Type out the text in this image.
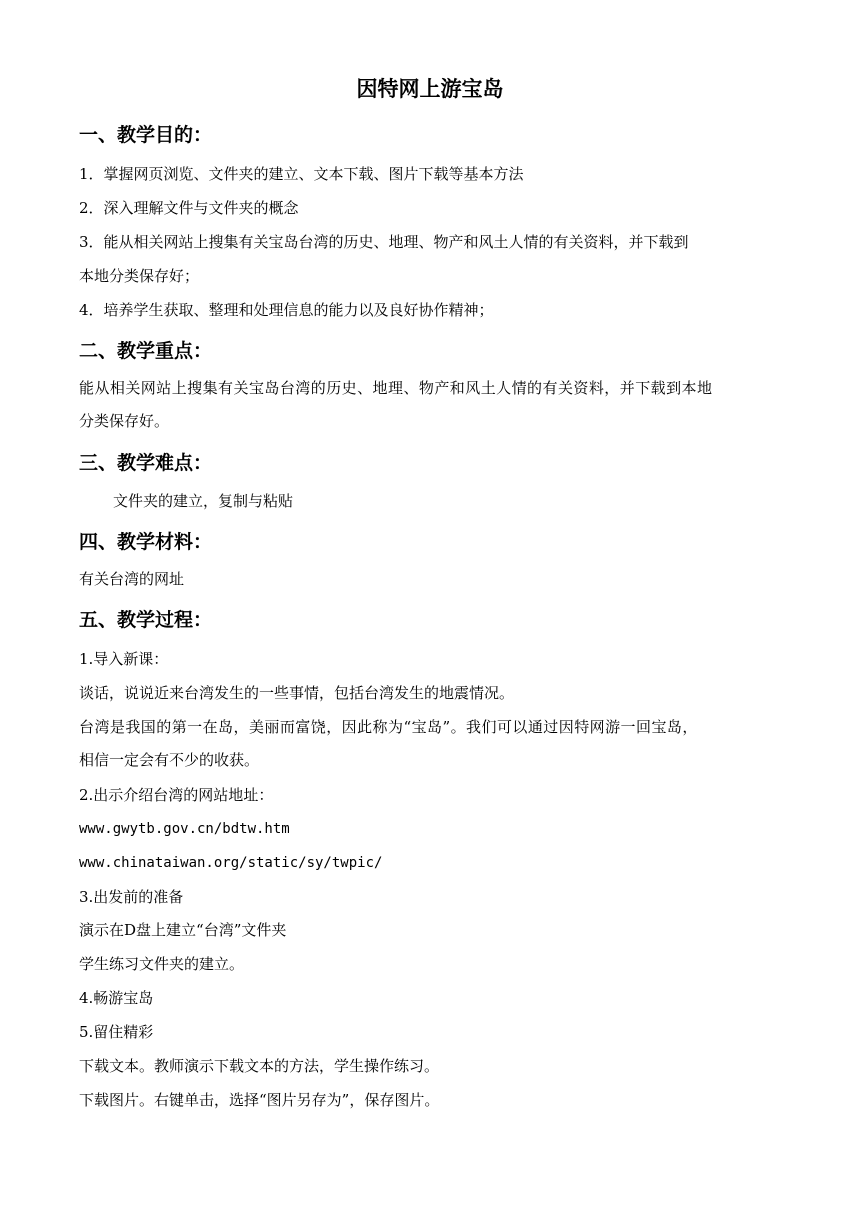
因特网上游宝岛
一、教学目的：
1．掌握网页浏览、文件夹的建立、文本下载、图片下载等基本方法
2．深入理解文件与文件夹的概念
3．能从相关网站上搜集有关宝岛台湾的历史、地理、物产和风土人情的有关资料，并下载到
本地分类保存好；
4．培养学生获取、整理和处理信息的能力以及良好协作精神；
二、教学重点：
能从相关网站上搜集有关宝岛台湾的历史、地理、物产和风土人情的有关资料，并下载到本地
分类保存好。
三、教学难点：
文件夹的建立，复制与粘贴
四、教学材料：
有关台湾的网址
五、教学过程：
1.导入新课：
谈话，说说近来台湾发生的一些事情，包括台湾发生的地震情况。
台湾是我国的第一在岛，美丽而富饶，因此称为“宝岛”。我们可以通过因特网游一回宝岛，
相信一定会有不少的收获。
2.出示介绍台湾的网站地址：
www.gwytb.gov.cn/bdtw.htm
www.chinataiwan.org/static/sy/twpic/
3.出发前的准备
演示在D盘上建立“台湾”文件夹
学生练习文件夹的建立。
4.畅游宝岛
5.留住精彩
下载文本。教师演示下载文本的方法，学生操作练习。
下载图片。右键单击，选择“图片另存为”，保存图片。
